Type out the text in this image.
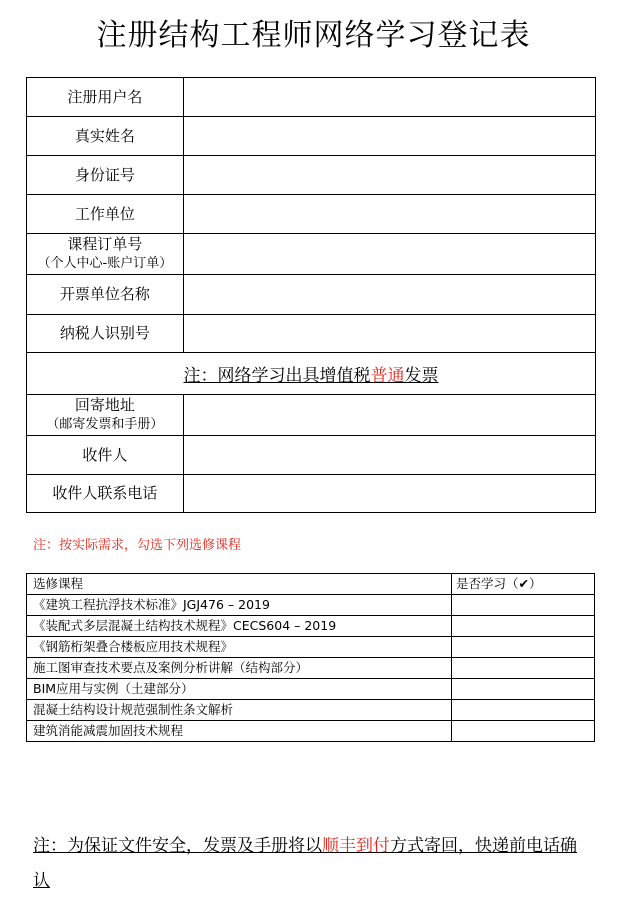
注册结构工程师网络学习登记表
注册用户名	
真实姓名	
身份证号	
工作单位	
课程订单号
（个人中心-账户订单）	

开票单位名称	
纳税人识别号	
注：网络学习出具增值税普通发票	
回寄地址
（邮寄发票和手册）	

收件人	
收件人联系电话	
注：按实际需求，勾选下列选修课程
选修课程	是否学习（✔）
《建筑工程抗浮技术标准》JGJ476 – 2019	
《装配式多层混凝土结构技术规程》CECS604 – 2019	
《钢筋桁架叠合楼板应用技术规程》	
施工图审查技术要点及案例分析讲解（结构部分）	
BIM应用与实例（土建部分）	
混凝土结构设计规范强制性条文解析	
建筑消能减震加固技术规程	
注：为保证文件安全，发票及手册将以顺丰到付方式寄回，快递前电话确认
